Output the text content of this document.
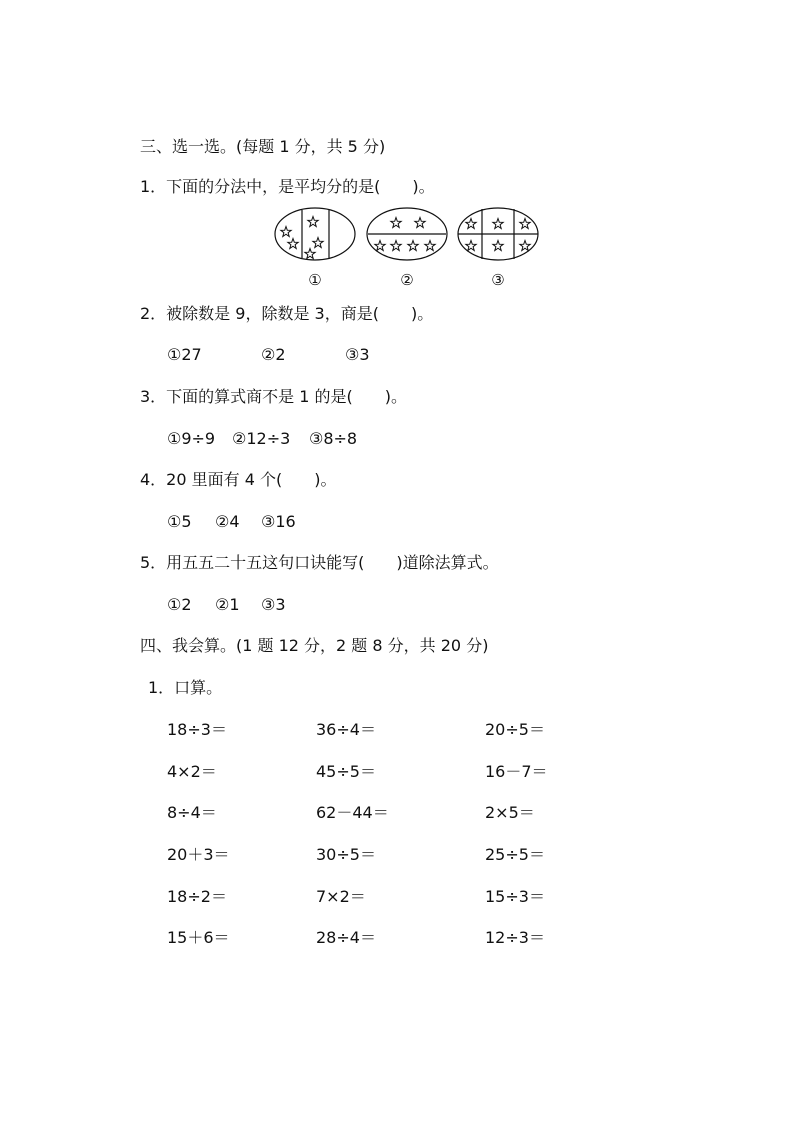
三、选一选。(每题 1 分，共 5 分)
1．下面的分法中，是平均分的是(　　)。
①	②	③
2．被除数是 9，除数是 3，商是(　　)。
①27	②2	③3
3．下面的算式商不是 1 的是(　　)。
①9÷9 ②12÷3 ③8÷8
4．20 里面有 4 个(　　)。
①5 ②4 ③16
5．用五五二十五这句口诀能写(　　)道除法算式。
①2 ②1 ③3
四、我会算。(1 题 12 分，2 题 8 分，共 20 分)
1．口算。
18÷3＝	36÷4＝	20÷5＝
4×2＝	45÷5＝	16－7＝
8÷4＝	62－44＝	2×5＝
20＋3＝	30÷5＝	25÷5＝
18÷2＝	7×2＝	15÷3＝
15＋6＝	28÷4＝	12÷3＝
